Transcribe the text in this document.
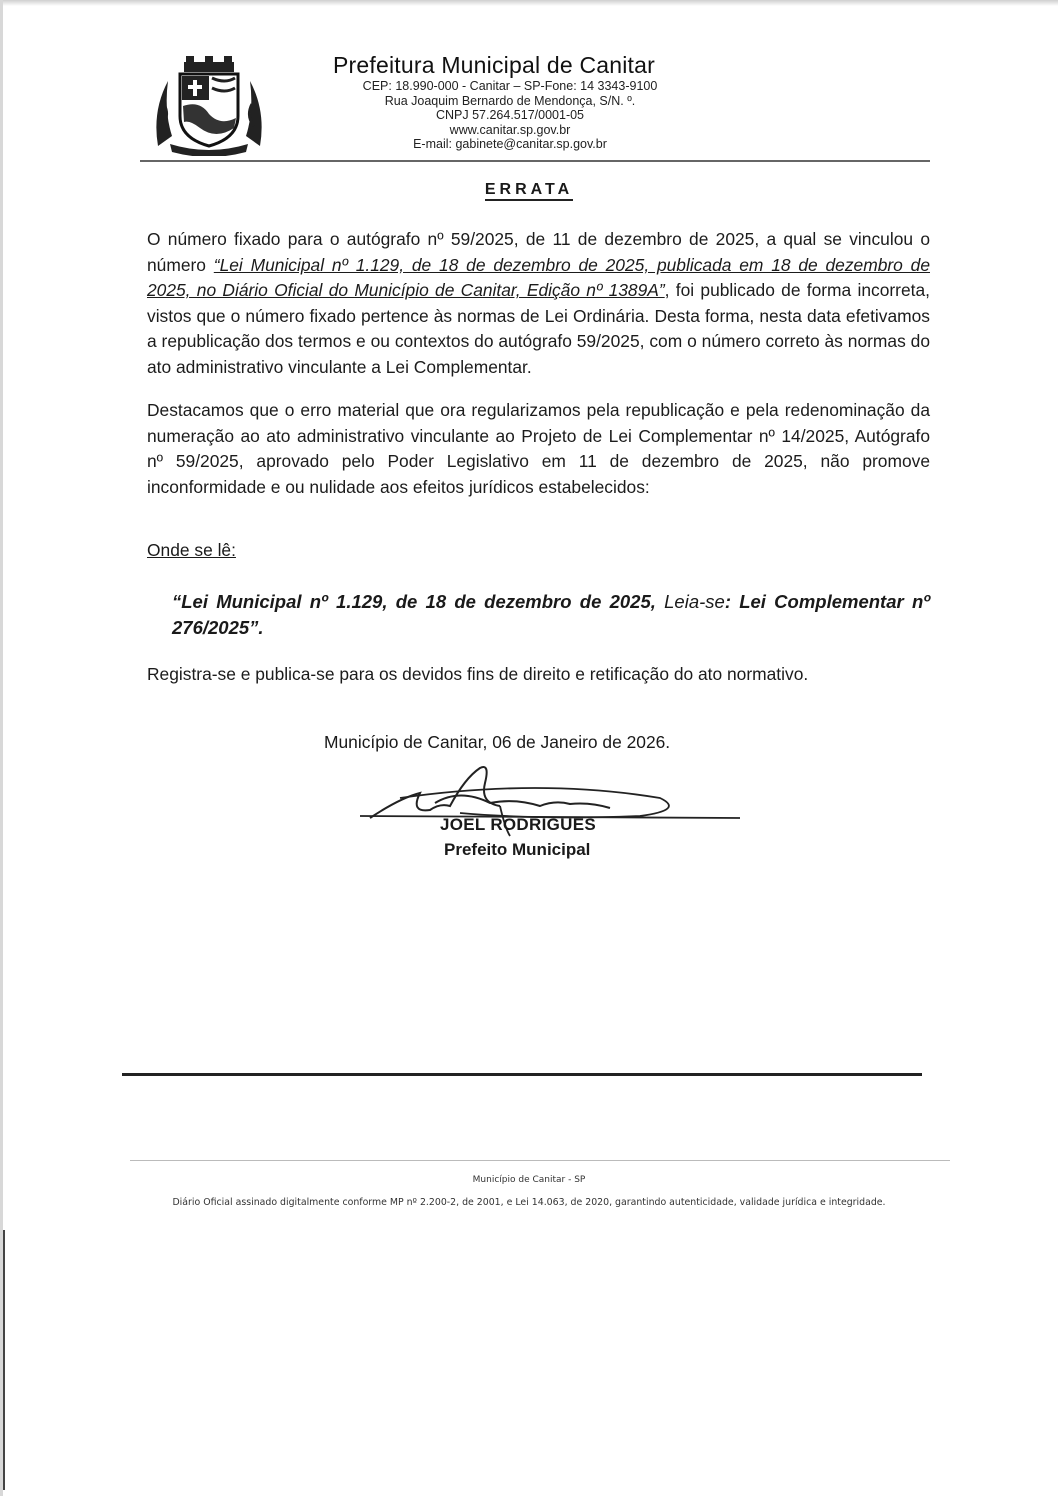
Prefeitura Municipal de Canitar
CEP: 18.990-000 - Canitar – SP-Fone: 14 3343-9100
Rua Joaquim Bernardo de Mendonça, S/N. º.
CNPJ 57.264.517/0001-05
www.canitar.sp.gov.br
E-mail: gabinete@canitar.sp.gov.br
ERRATA
O número fixado para o autógrafo nº 59/2025, de 11 de dezembro de 2025, a qual se vinculou o número “Lei Municipal nº 1.129, de 18 de dezembro de 2025, publicada em 18 de dezembro de 2025, no Diário Oficial do Município de Canitar, Edição nº 1389A”, foi publicado de forma incorreta, vistos que o número fixado pertence às normas de Lei Ordinária. Desta forma, nesta data efetivamos a republicação dos termos e ou contextos do autógrafo 59/2025, com o número correto às normas do ato administrativo vinculante a Lei Complementar.
Destacamos que o erro material que ora regularizamos pela republicação e pela redenominação da numeração ao ato administrativo vinculante ao Projeto de Lei Complementar nº 14/2025, Autógrafo nº 59/2025, aprovado pelo Poder Legislativo em 11 de dezembro de 2025, não promove inconformidade e ou nulidade aos efeitos jurídicos estabelecidos:
Onde se lê:
“Lei Municipal nº 1.129, de 18 de dezembro de 2025, Leia-se: Lei Complementar nº 276/2025”.
Registra-se e publica-se para os devidos fins de direito e retificação do ato normativo.
Município de Canitar, 06 de Janeiro de 2026.
JOEL RODRIGUES
Prefeito Municipal
Município de Canitar - SP
Diário Oficial assinado digitalmente conforme MP nº 2.200-2, de 2001, e Lei 14.063, de 2020, garantindo autenticidade, validade jurídica e integridade.
